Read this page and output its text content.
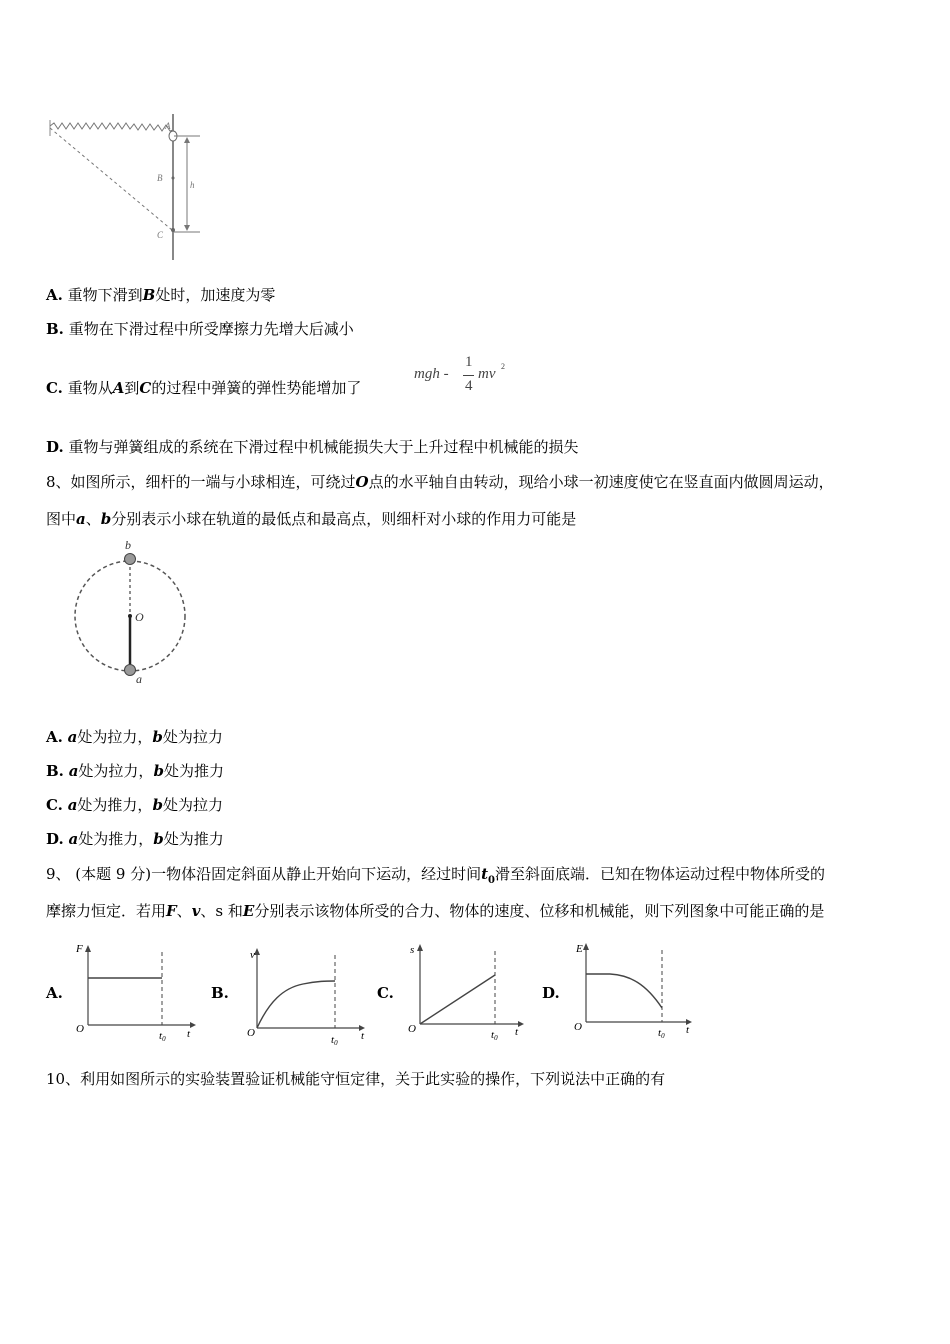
A
B
C
h
A. 重物下滑到B处时，加速度为零
B. 重物在下滑过程中所受摩擦力先增大后减小
C. 重物从A到C的过程中弹簧的弹性势能增加了
mgh -
1
4
mv 2
D. 重物与弹簧组成的系统在下滑过程中机械能损失大于上升过程中机械能的损失
8、如图所示，细杆的一端与小球相连，可绕过O点的水平轴自由转动，现给小球一初速度使它在竖直面内做圆周运动，
图中a、b分别表示小球在轨道的最低点和最高点，则细杆对小球的作用力可能是
b
O
a
A. a处为拉力，b处为拉力
B. a处为拉力，b处为推力
C. a处为推力，b处为拉力
D. a处为推力，b处为推力
9、 (本题 9 分)一物体沿固定斜面从静止开始向下运动，经过时间$t_0$滑至斜面底端．已知在物体运动过程中物体所受的
摩擦力恒定．若用F、v、s 和E分别表示该物体所受的合力、物体的速度、位移和机械能，则下列图象中可能正确的是
A.
F
O	t
t0
B.
v
O	t
t0
C.
s
O	t
t0
D.
E
O	t
t0
10、利用如图所示的实验装置验证机械能守恒定律，关于此实验的操作，下列说法中正确的有
